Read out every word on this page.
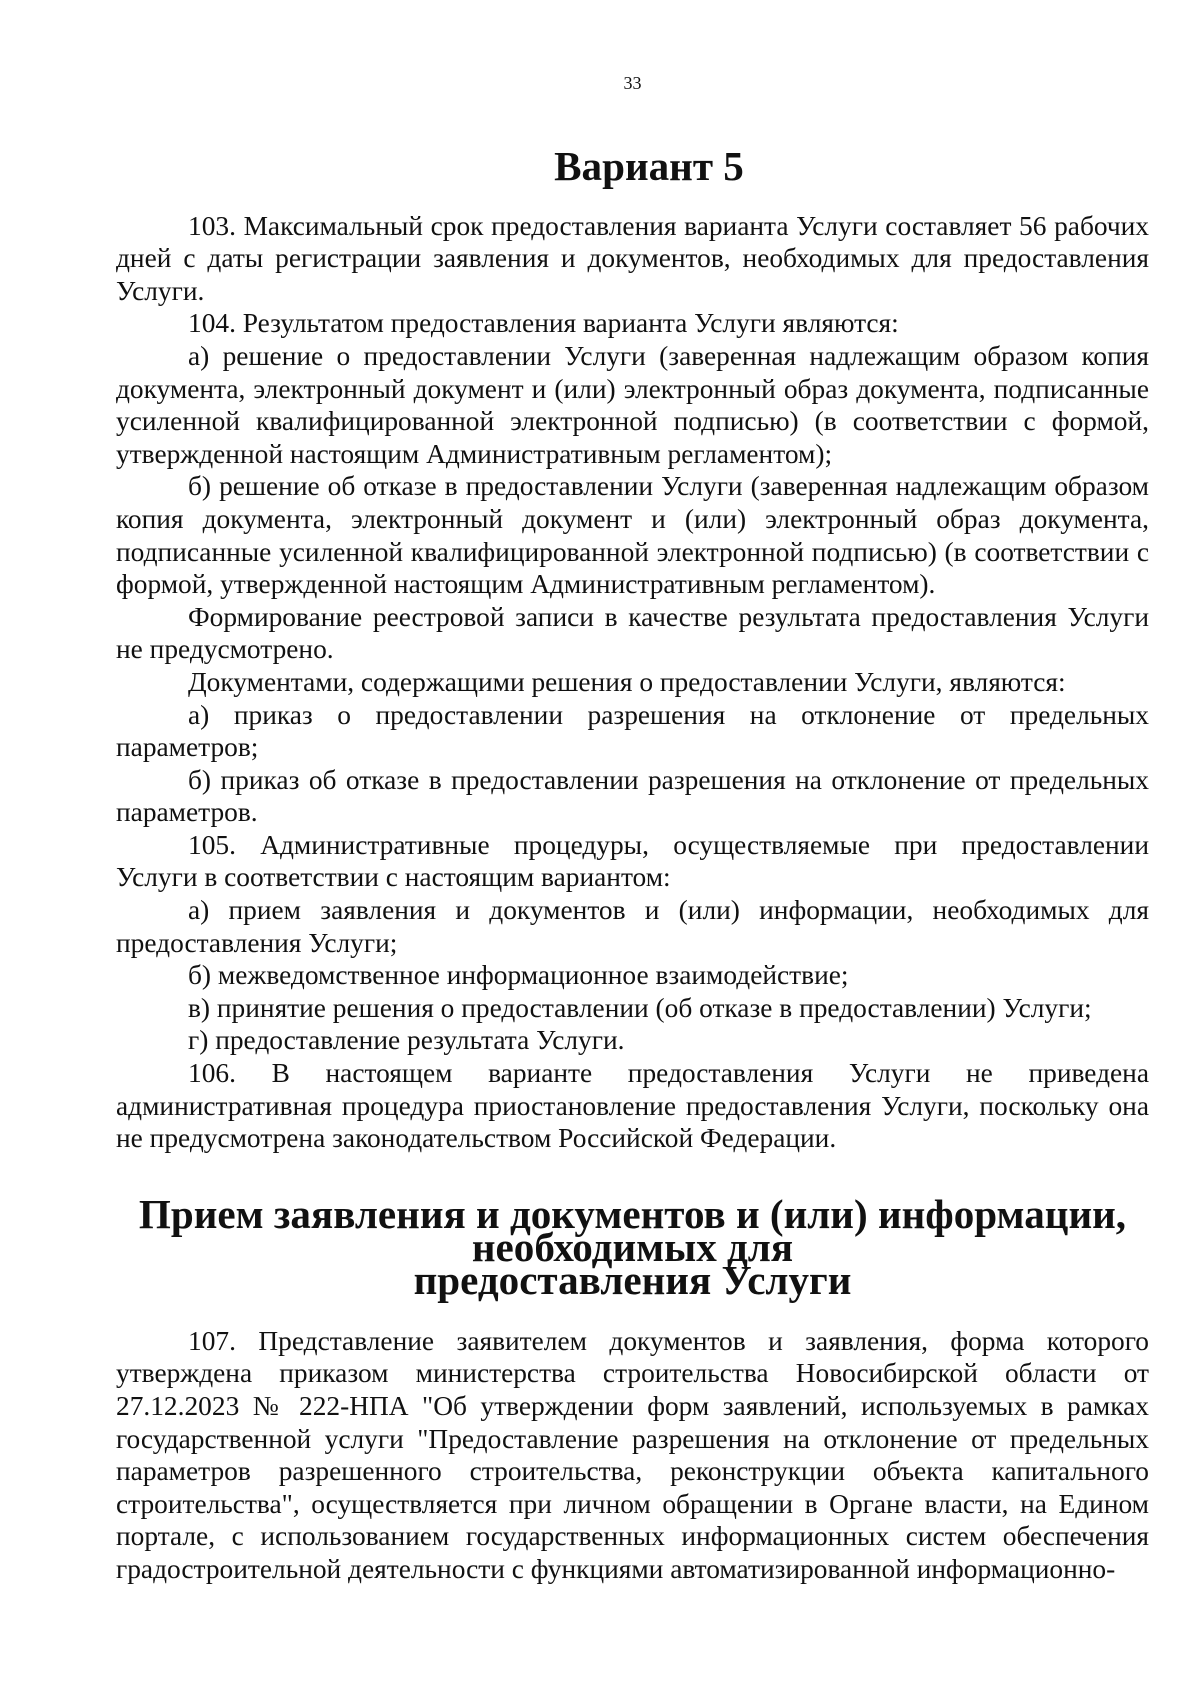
33
Вариант 5

103. Максимальный срок предоставления варианта Услуги составляет 56 рабочих дней с даты регистрации заявления и документов, необходимых для предоставления Услуги.

104. Результатом предоставления варианта Услуги являются:

а) решение о предоставлении Услуги (заверенная надлежащим образом копия документа, электронный документ и (или) электронный образ документа, подписанные усиленной квалифицированной электронной подписью) (в соответствии с формой, утвержденной настоящим Административным регламентом);

б) решение об отказе в предоставлении Услуги (заверенная надлежащим образом копия документа, электронный документ и (или) электронный образ документа, подписанные усиленной квалифицированной электронной подписью) (в соответствии с формой, утвержденной настоящим Административным регламентом).

Формирование реестровой записи в качестве результата предоставления Услуги не предусмотрено.

Документами, содержащими решения о предоставлении Услуги, являются:

а) приказ о предоставлении разрешения на отклонение от предельных параметров;

б) приказ об отказе в предоставлении разрешения на отклонение от предельных параметров.

105. Административные процедуры, осуществляемые при предоставлении Услуги в соответствии с настоящим вариантом:

а) прием заявления и документов и (или) информации, необходимых для предоставления Услуги;

б) межведомственное информационное взаимодействие;

в) принятие решения о предоставлении (об отказе в предоставлении) Услуги;

г) предоставление результата Услуги.

106. В настоящем варианте предоставления Услуги не приведена административная процедура приостановление предоставления Услуги, поскольку она не предусмотрена законодательством Российской Федерации.

Прием заявления и документов и (или) информации, необходимых для
предоставления Услуги

107. Представление заявителем документов и заявления, форма которого утверждена приказом министерства строительства Новосибирской области от 27.12.2023 № 222-НПА "Об утверждении форм заявлений, используемых в рамках государственной услуги "Предоставление разрешения на отклонение от предельных параметров разрешенного строительства, реконструкции объекта капитального строительства", осуществляется при личном обращении в Органе власти, на Едином портале, с использованием государственных информационных систем обеспечения градостроительной деятельности с функциями автоматизированной информационно-
